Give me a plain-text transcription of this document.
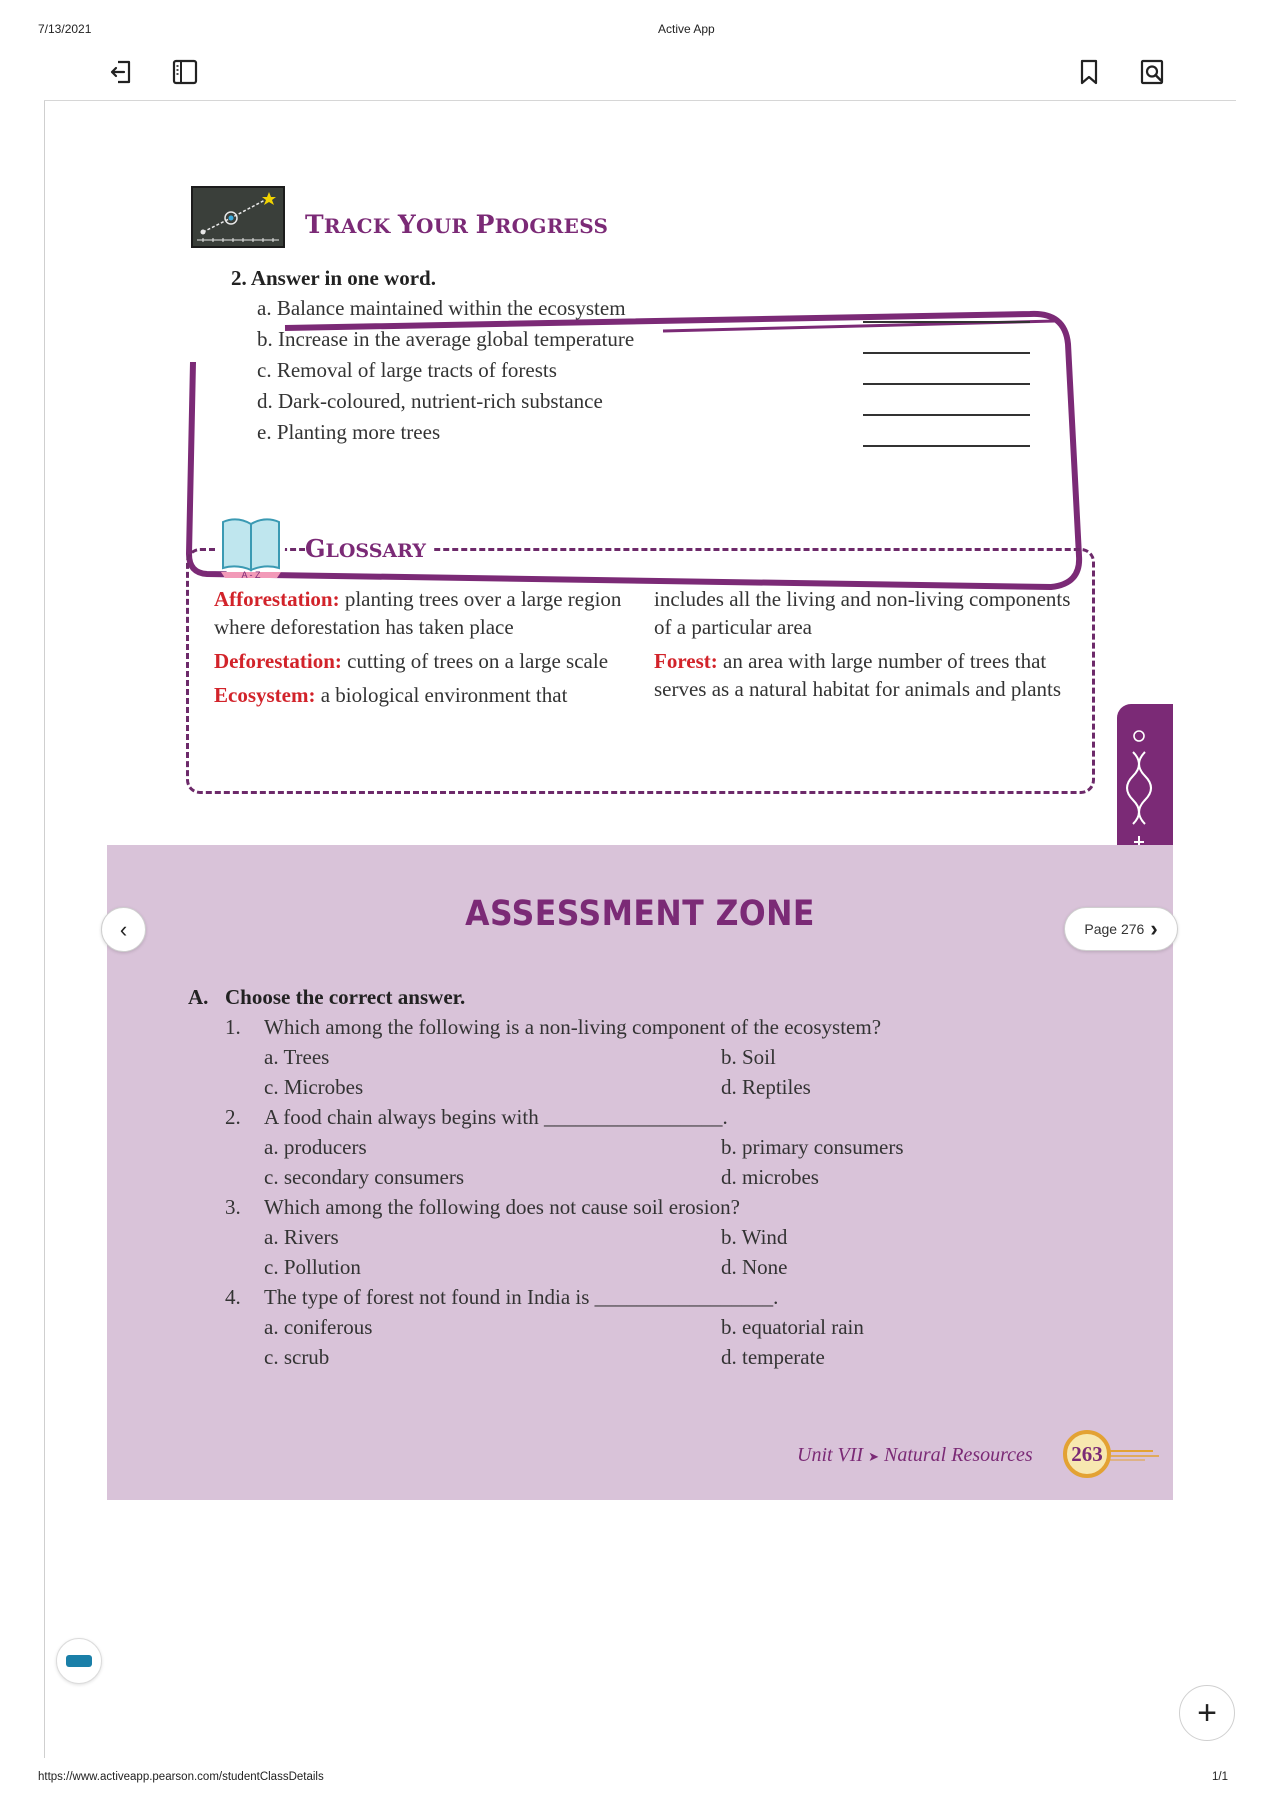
7/13/2021	Active App
https://www.activeapp.pearson.com/studentClassDetails	1/1
TRACK YOUR PROGRESS
2. Answer in one word.
a. Balance maintained within the ecosystem
b. Increase in the average global temperature
c. Removal of large tracts of forests
d. Dark-coloured, nutrient-rich substance
e. Planting more trees
A - Z
GLOSSARY

Afforestation: planting trees over a large region where deforestation has taken place

Deforestation: cutting of trees on a large scale

Ecosystem: a biological environment that

includes all the living and non-living components of a particular area

Forest: an area with large number of trees that serves as a natural habitat for animals and plants

ASSESSMENT ZONE
A. Choose the correct answer.
1. Which among the following is a non-living component of the ecosystem?
a. Trees	b. Soil
c. Microbes	d. Reptiles
2. A food chain always begins with _________________.
a. producers	b. primary consumers
c. secondary consumers	d. microbes
3. Which among the following does not cause soil erosion?
a. Rivers	b. Wind
c. Pollution	d. None
4. The type of forest not found in India is _________________.
a. coniferous	b. equatorial rain
c. scrub	d. temperate
Unit VII ➤ Natural Resources	263
‹	Page 276 ›
+
